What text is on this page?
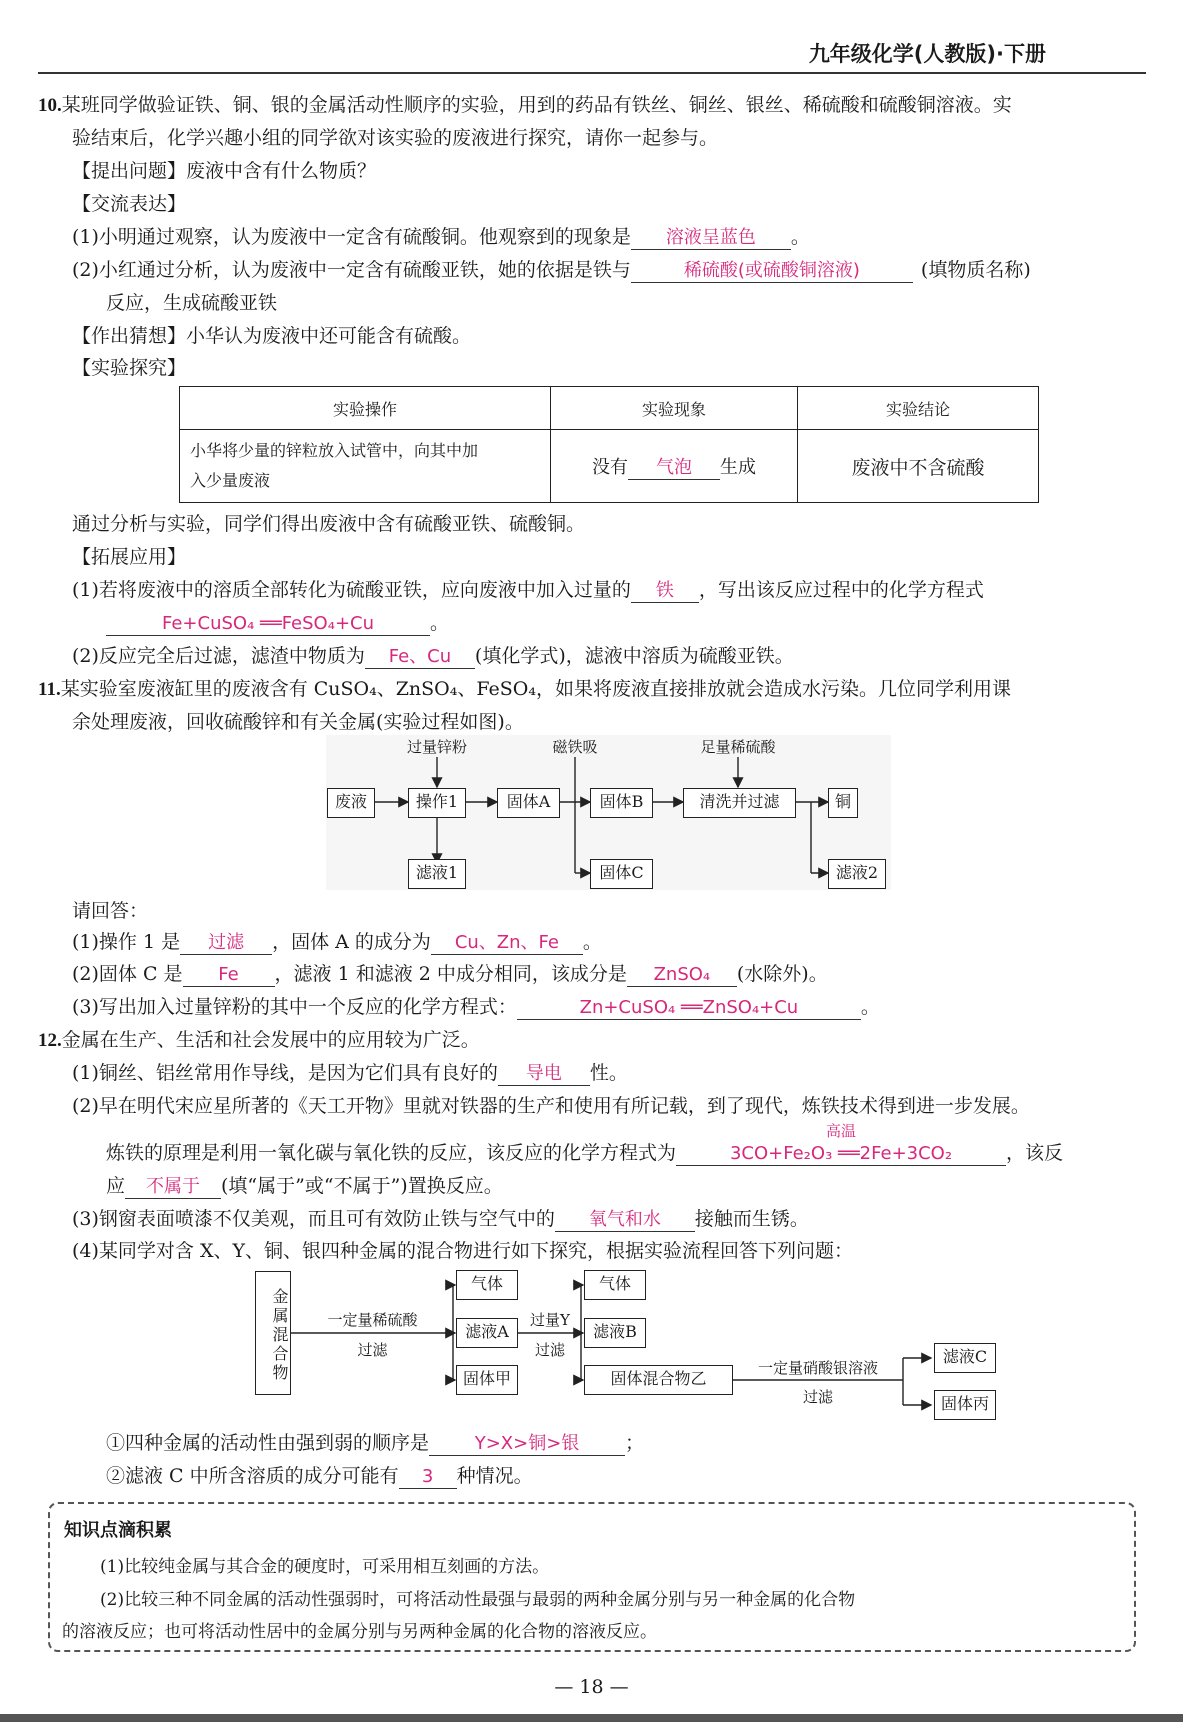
九年级化学(人教版)·下册
10.某班同学做验证铁、铜、银的金属活动性顺序的实验，用到的药品有铁丝、铜丝、银丝、稀硫酸和硫酸铜溶液。实
验结束后，化学兴趣小组的同学欲对该实验的废液进行探究，请你一起参与。
【提出问题】废液中含有什么物质？
【交流表达】
(1)小明通过观察，认为废液中一定含有硫酸铜。他观察到的现象是 溶液呈蓝色 。
(2)小红通过分析，认为废液中一定含有硫酸亚铁，她的依据是铁与	稀硫酸(或硫酸铜溶液)	(填物质名称)
反应，生成硫酸亚铁
【作出猜想】小华认为废液中还可能含有硫酸。
【实验探究】
实验操作	实验现象	实验结论

小华将少量的锌粒放入试管中，向其中加
入少量废液	没有 气泡 生成	废液中不含硫酸
通过分析与实验，同学们得出废液中含有硫酸亚铁、硫酸铜。
【拓展应用】
(1)若将废液中的溶质全部转化为硫酸亚铁，应向废液中加入过量的 铁 ，写出该反应过程中的化学方程式
Fe+CuSO₄ ══FeSO₄+Cu	。
(2)反应完全后过滤，滤渣中物质为 Fe、Cu (填化学式)，滤液中溶质为硫酸亚铁。
11.某实验室废液缸里的废液含有 CuSO₄、ZnSO₄、FeSO₄，如果将废液直接排放就会造成水污染。几位同学利用课
余处理废液，回收硫酸锌和有关金属(实验过程如图)。
过量锌粉	磁铁吸	足量稀硫酸
废液	操作1	固体A	固体B	清洗并过滤	铜
滤液1	固体C	滤液2
请回答：
(1)操作 1 是 过滤 ，固体 A 的成分为 Cu、Zn、Fe 。
(2)固体 C 是 Fe ，滤液 1 和滤液 2 中成分相同，该成分是 ZnSO₄ (水除外)。
(3)写出加入过量锌粉的其中一个反应的化学方程式：	Zn+CuSO₄ ══ZnSO₄+Cu	。
12.金属在生产、生活和社会发展中的应用较为广泛。
(1)铜丝、铝丝常用作导线，是因为它们具有良好的 导电 性。
(2)早在明代宋应星所著的《天工开物》里就对铁器的生产和使用有所记载，到了现代，炼铁技术得到进一步发展。
炼铁的原理是利用一氧化碳与氧化铁的反应，该反应的化学方程式为
高温
3CO+Fe₂O₃ ══2Fe+3CO₂	，该反
应 不属于 (填“属于”或“不属于”)置换反应。
(3)钢窗表面喷漆不仅美观，而且可有效防止铁与空气中的 氧气和水 接触而生锈。
(4)某同学对含 X、Y、铜、银四种金属的混合物进行如下探究，根据实验流程回答下列问题：
金属混合物	一定量稀硫酸
过滤
气体
滤液A
固体甲
过量Y
过滤
气体
滤液B
固体混合物乙
一定量硝酸银溶液
过滤
滤液C
固体丙
①四种金属的活动性由强到弱的顺序是	Y>X>铜>银 ；
②滤液 C 中所含溶质的成分可能有 3 种情况。
知识点滴积累
(1)比较纯金属与其合金的硬度时，可采用相互刻画的方法。
(2)比较三种不同金属的活动性强弱时，可将活动性最强与最弱的两种金属分别与另一种金属的化合物
的溶液反应；也可将活动性居中的金属分别与另两种金属的化合物的溶液反应。
— 18 —
